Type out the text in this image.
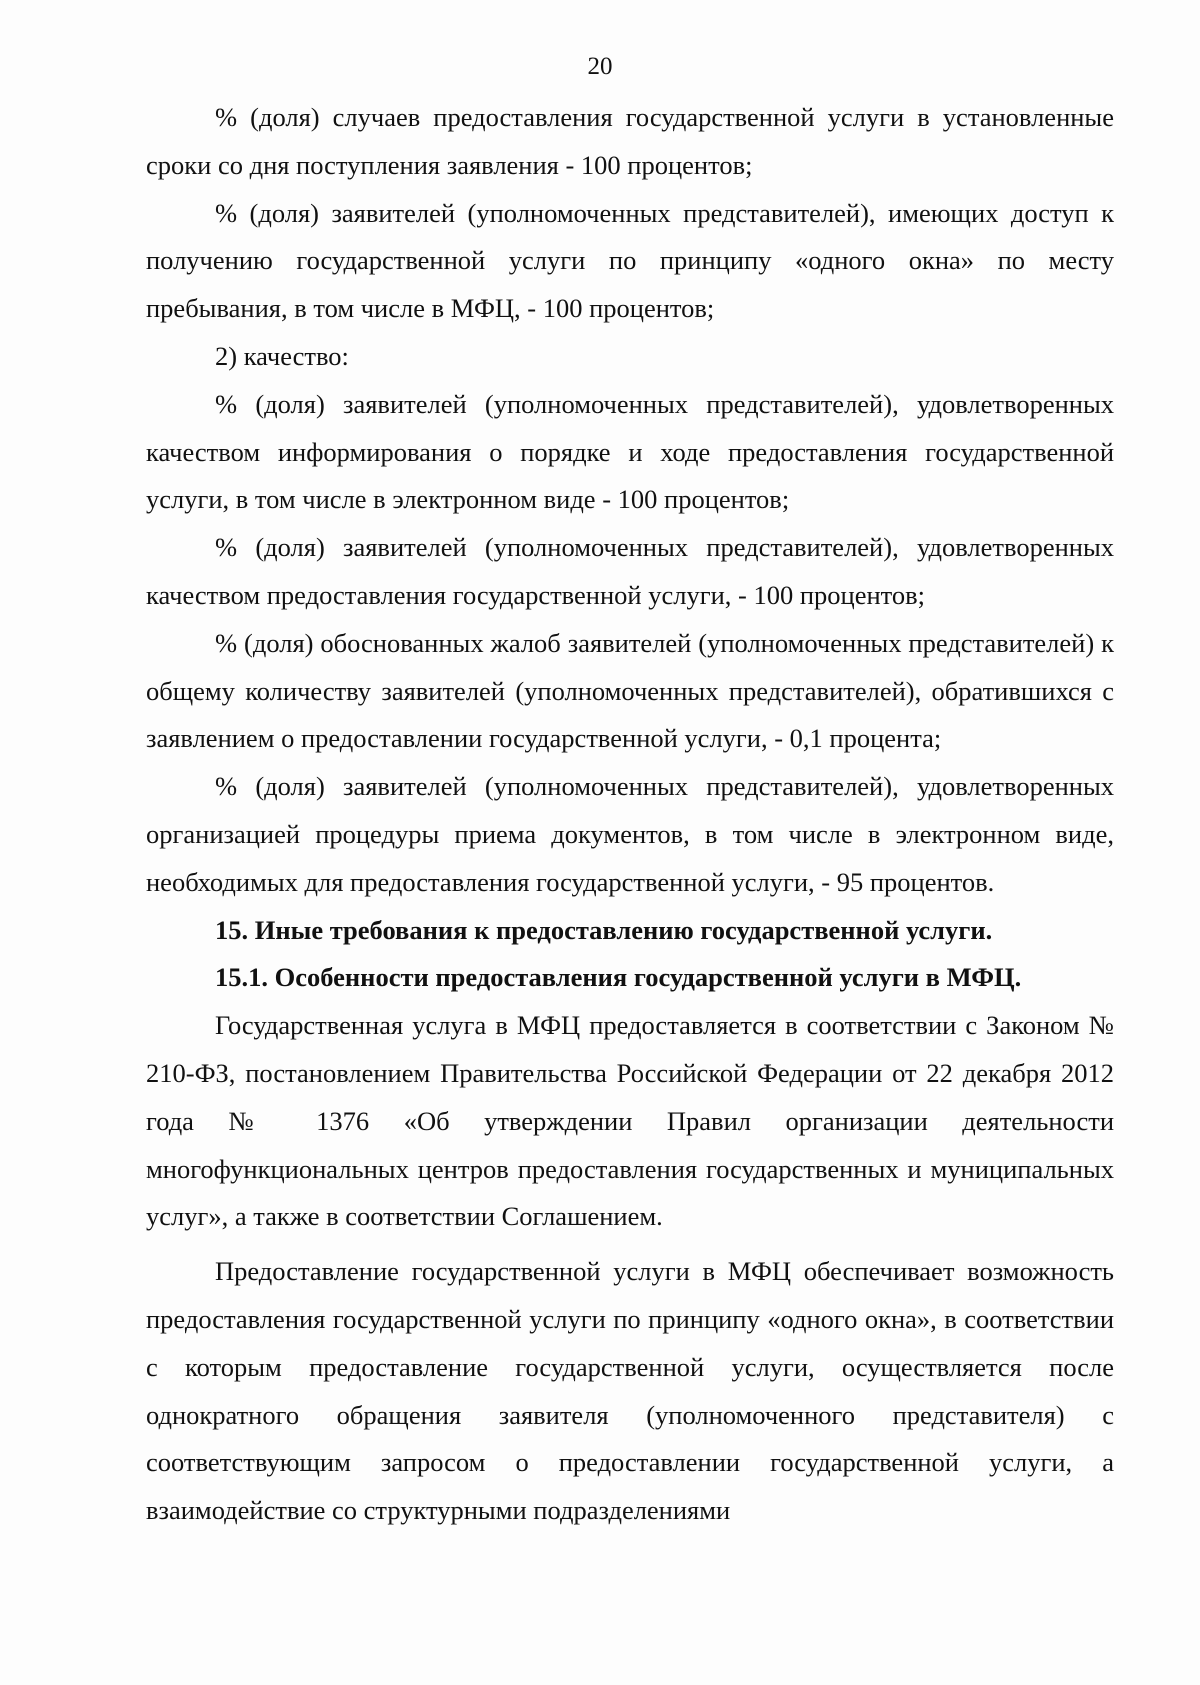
20

% (доля) случаев предоставления государственной услуги в установленные сроки со дня поступления заявления - 100 процентов;

% (доля) заявителей (уполномоченных представителей), имеющих доступ к получению государственной услуги по принципу «одного окна» по месту пребывания, в том числе в МФЦ, - 100 процентов;

2) качество:

% (доля) заявителей (уполномоченных представителей), удовлетворенных качеством информирования о порядке и ходе предоставления государственной услуги, в том числе в электронном виде - 100 процентов;

% (доля) заявителей (уполномоченных представителей), удовлетворенных качеством предоставления государственной услуги, - 100 процентов;

% (доля) обоснованных жалоб заявителей (уполномоченных представителей) к общему количеству заявителей (уполномоченных представителей), обратившихся с заявлением о предоставлении государственной услуги, - 0,1 процента;

% (доля) заявителей (уполномоченных представителей), удовлетворенных организацией процедуры приема документов, в том числе в электронном виде, необходимых для предоставления государственной услуги, - 95 процентов.

15. Иные требования к предоставлению государственной услуги.

15.1. Особенности предоставления государственной услуги в МФЦ.

Государственная услуга в МФЦ предоставляется в соответствии с Законом № 210-ФЗ, постановлением Правительства Российской Федерации от 22 декабря 2012 года № 1376 «Об утверждении Правил организации деятельности многофункциональных центров предоставления государственных и муниципальных услуг», а также в соответствии Соглашением.

Предоставление государственной услуги в МФЦ обеспечивает возможность предоставления государственной услуги по принципу «одного окна», в соответствии с которым предоставление государственной услуги, осуществляется после однократного обращения заявителя (уполномоченного представителя) с соответствующим запросом о предоставлении государственной услуги, а взаимодействие со структурными подразделениями
